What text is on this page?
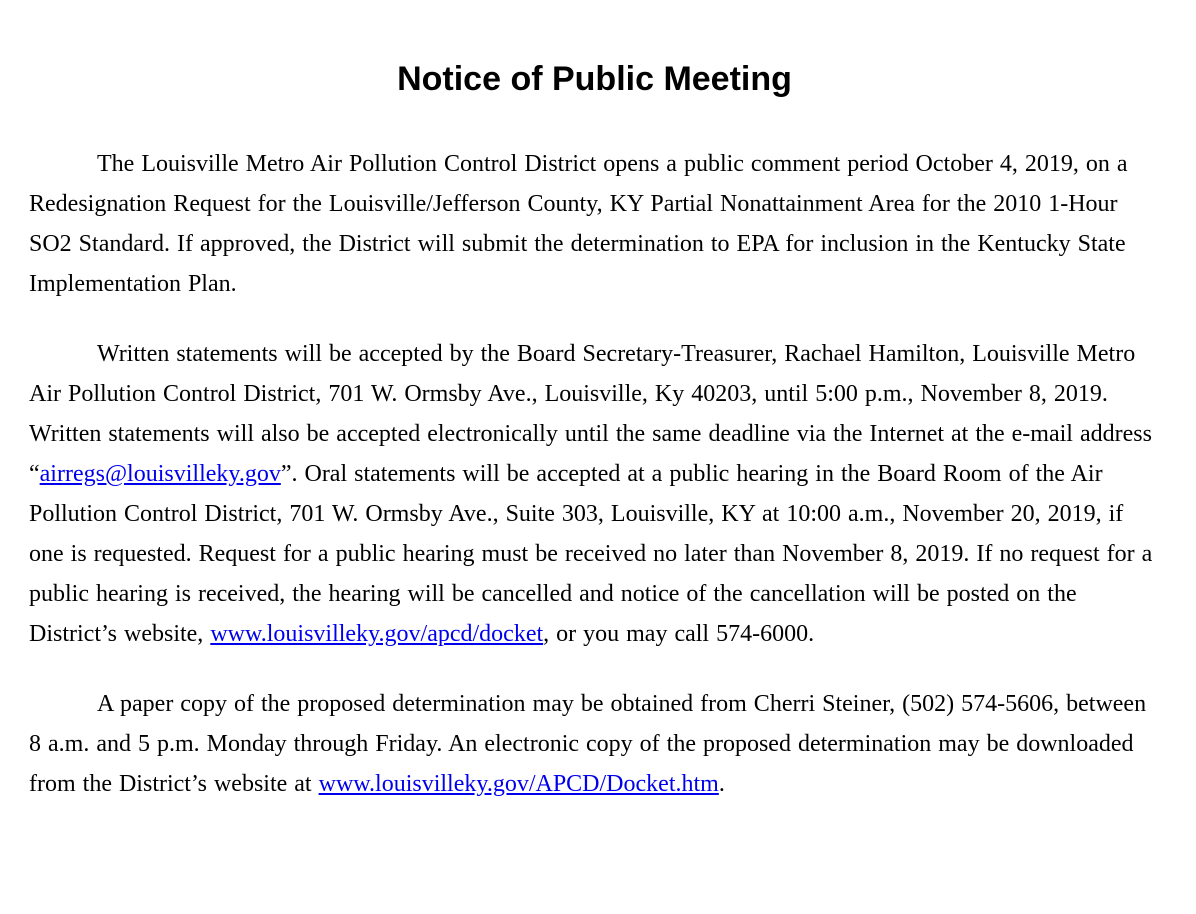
Notice of Public Meeting

The Louisville Metro Air Pollution Control District opens a public comment period October 4, 2019, on a Redesignation Request for the Louisville/Jefferson County, KY Partial Nonattainment Area for the 2010 1-Hour SO2 Standard. If approved, the District will submit the determination to EPA for inclusion in the Kentucky State Implementation Plan.

Written statements will be accepted by the Board Secretary-Treasurer, Rachael Hamilton, Louisville Metro Air Pollution Control District, 701 W. Ormsby Ave., Louisville, Ky 40203, until 5:00 p.m., November 8, 2019. Written statements will also be accepted electronically until the same deadline via the Internet at the e-mail address “airregs@louisvilleky.gov”. Oral statements will be accepted at a public hearing in the Board Room of the Air Pollution Control District, 701 W. Ormsby Ave., Suite 303, Louisville, KY at 10:00 a.m., November 20, 2019, if one is requested. Request for a public hearing must be received no later than November 8, 2019. If no request for a public hearing is received, the hearing will be cancelled and notice of the cancellation will be posted on the District’s website, www.louisvilleky.gov/apcd/docket, or you may call 574-6000.

A paper copy of the proposed determination may be obtained from Cherri Steiner, (502) 574-5606, between 8 a.m. and 5 p.m. Monday through Friday. An electronic copy of the proposed determination may be downloaded from the District’s website at www.louisvilleky.gov/APCD/Docket.htm.
